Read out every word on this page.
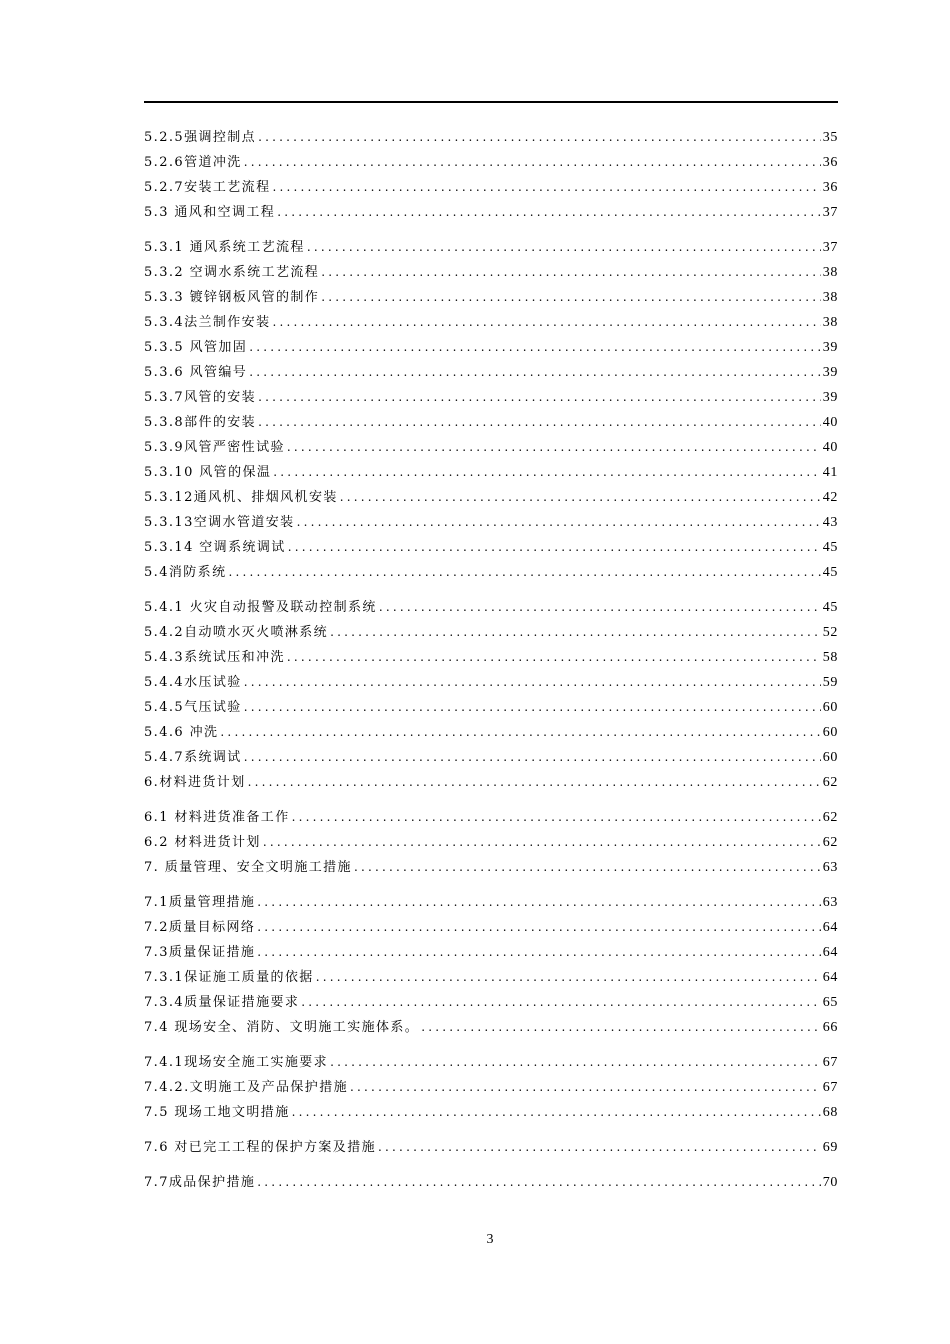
5.2.5强调控制点 .....	35
5.2.6管道冲洗 .....	36
5.2.7安装工艺流程 .....	36
5.3 通风和空调工程 .....	37
5.3.1 通风系统工艺流程 .....	37
5.3.2 空调水系统工艺流程 .....	38
5.3.3 镀锌钢板风管的制作 .....	38
5.3.4法兰制作安装 .....	38
5.3.5 风管加固 .....	39
5.3.6 风管编号 .....	39
5.3.7风管的安装 .....	39
5.3.8部件的安装 .....	40
5.3.9风管严密性试验 .....	40
5.3.10 风管的保温 .....	41
5.3.12通风机、排烟风机安装 .....	42
5.3.13空调水管道安装 .....	43
5.3.14 空调系统调试 .....	45
5.4消防系统 .....	45
5.4.1 火灾自动报警及联动控制系统 .....	45
5.4.2自动喷水灭火喷淋系统 .....	52
5.4.3系统试压和冲洗 .....	58
5.4.4水压试验 .....	59
5.4.5气压试验 .....	60
5.4.6 冲洗 .....	60
5.4.7系统调试 .....	60
6.材料进货计划 .....	62
6.1 材料进货准备工作 .....	62
6.2 材料进货计划 .....	62
7. 质量管理、安全文明施工措施 .....	63
7.1质量管理措施 .....	63
7.2质量目标网络 .....	64
7.3质量保证措施 .....	64
7.3.1保证施工质量的依据 .....	64
7.3.4质量保证措施要求 .....	65
7.4 现场安全、消防、文明施工实施体系。 .....	66
7.4.1现场安全施工实施要求 .....	67
7.4.2.文明施工及产品保护措施 .....	67
7.5 现场工地文明措施 .....	68
7.6 对已完工工程的保护方案及措施 .....	69
7.7成品保护措施 .....	70
3
